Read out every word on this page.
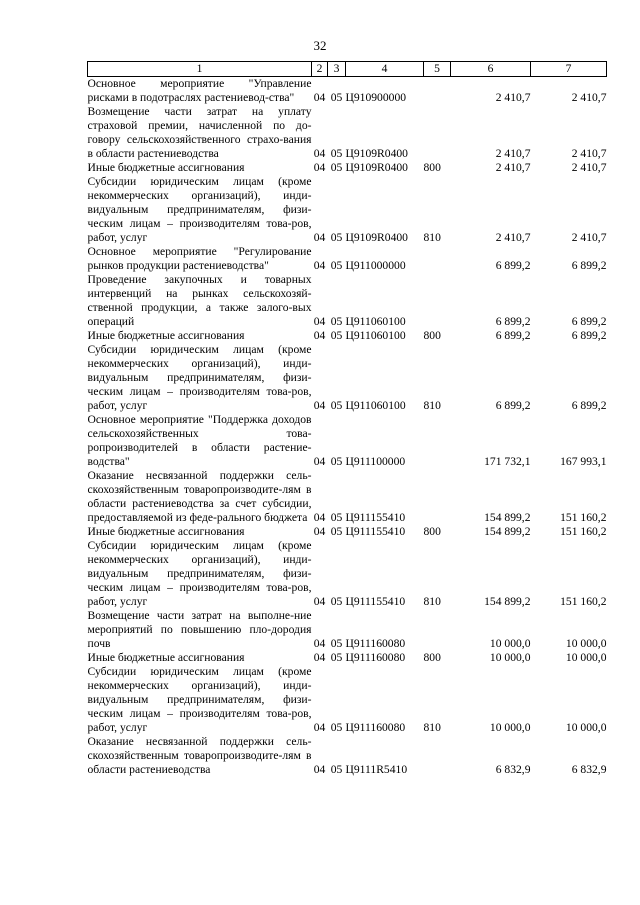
32
1	2	3	4	5	6	7
Основное мероприятие "Управление рисками в подотраслях растениевод-ства"	04	05	Ц910900000		2 410,7	2 410,7
Возмещение части затрат на уплату страховой премии, начисленной по до-говору сельскохозяйственного страхо-вания в области растениеводства	04	05	Ц9109R0400		2 410,7	2 410,7
Иные бюджетные ассигнования	04	05	Ц9109R0400	800	2 410,7	2 410,7
Субсидии юридическим лицам (кроме некоммерческих организаций), инди-видуальным предпринимателям, физи-ческим лицам – производителям това-ров, работ, услуг	04	05	Ц9109R0400	810	2 410,7	2 410,7
Основное мероприятие "Регулирование рынков продукции растениеводства"	04	05	Ц911000000		6 899,2	6 899,2
Проведение закупочных и товарных интервенций на рынках сельскохозяй-ственной продукции, а также залого-вых операций	04	05	Ц911060100		6 899,2	6 899,2
Иные бюджетные ассигнования	04	05	Ц911060100	800	6 899,2	6 899,2
Субсидии юридическим лицам (кроме некоммерческих организаций), инди-видуальным предпринимателям, физи-ческим лицам – производителям това-ров, работ, услуг	04	05	Ц911060100	810	6 899,2	6 899,2
Основное мероприятие "Поддержка доходов сельскохозяйственных това-ропроизводителей в области растение-водства"	04	05	Ц911100000		171 732,1	167 993,1
Оказание несвязанной поддержки сель-скохозяйственным товаропроизводите-лям в области растениеводства за счет субсидии, предоставляемой из феде-рального бюджета	04	05	Ц911155410		154 899,2	151 160,2
Иные бюджетные ассигнования	04	05	Ц911155410	800	154 899,2	151 160,2
Субсидии юридическим лицам (кроме некоммерческих организаций), инди-видуальным предпринимателям, физи-ческим лицам – производителям това-ров, работ, услуг	04	05	Ц911155410	810	154 899,2	151 160,2
Возмещение части затрат на выполне-ние мероприятий по повышению пло-дородия почв	04	05	Ц911160080		10 000,0	10 000,0
Иные бюджетные ассигнования	04	05	Ц911160080	800	10 000,0	10 000,0
Субсидии юридическим лицам (кроме некоммерческих организаций), инди-видуальным предпринимателям, физи-ческим лицам – производителям това-ров, работ, услуг	04	05	Ц911160080	810	10 000,0	10 000,0
Оказание несвязанной поддержки сель-скохозяйственным товаропроизводите-лям в области растениеводства	04	05	Ц9111R5410		6 832,9	6 832,9
